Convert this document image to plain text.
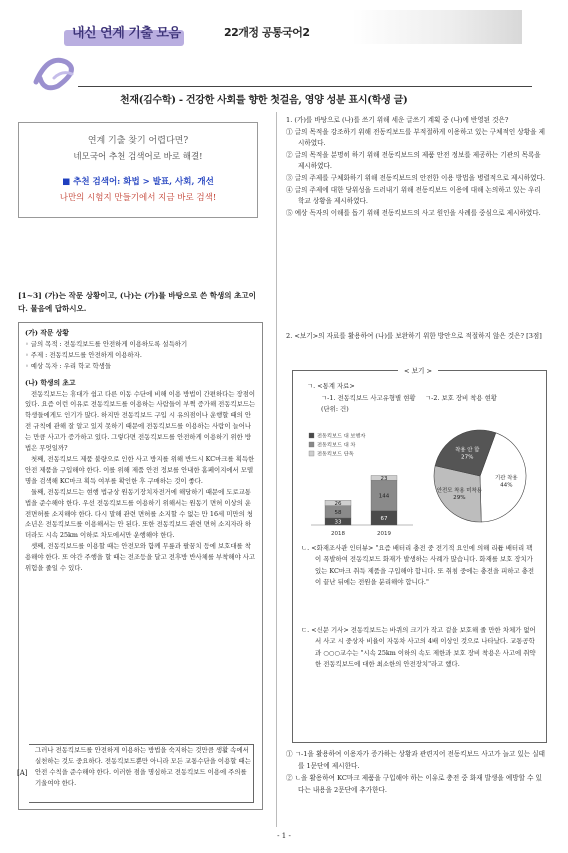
내신 연계 기출 모음	22개정 공통국어2
천재(김수학) - 건강한 사회를 향한 첫걸음, 영양 성분 표시(학생 글)
연계 기출 찾기 어렵다면?
네모국어 추천 검색어로 바로 해결!
■ 추천 검색어: 화법 > 발표, 사회, 개선
나만의 시험지 만들기에서 지금 바로 검색!
[1~3] (가)는 작문 상황이고, (나)는 (가)를 바탕으로 쓴 학생의 초고이다. 물음에 답하시오.

(가) 작문 상황

◦ 글의 목적 : 전동킥보드를 안전하게 이용하도록 설득하기

◦ 주제 : 전동킥보드를 안전하게 이용하자.

◦ 예상 독자 : 우리 학교 학생들

(나) 학생의 초고

전동킥보드는 휴대가 쉽고 다른 이동 수단에 비해 이용 방법이 간편하다는 장점이 있다. 요즘 이런 이유로 전동킥보드를 이용하는 사람들이 부쩍 증가해 전동킥보드는 학생들에게도 인기가 많다. 하지만 전동킥보드 구입 시 유의점이나 운행할 때의 안전 규칙에 관해 잘 알고 있지 못하기 때문에 전동킥보드를 이용하는 사람이 늘어나는 만큼 사고가 증가하고 있다. 그렇다면 전동킥보드를 안전하게 이용하기 위한 방법은 무엇일까?

첫째, 전동킥보드 제품 불량으로 인한 사고 방지를 위해 반드시 KC마크를 획득한 안전 제품을 구입해야 한다. 이를 위해 제품 안전 정보를 안내한 홈페이지에서 모델명을 검색해 KC마크 획득 여부를 확인한 후 구매하는 것이 좋다.

둘째, 전동킥보드는 현행 법규상 원동기장치자전거에 해당하기 때문에 도로교통법을 준수해야 한다. 우선 전동킥보드를 이용하기 위해서는 원동기 면허 이상의 운전면허를 소지해야 한다. 다시 말해 관련 면허를 소지할 수 없는 만 16세 미만의 청소년은 전동킥보드를 이용해서는 안 된다. 또한 전동킥보드 관련 면허 소지자라 하더라도 시속 25km 이하로 차도에서만 운행해야 한다.

셋째, 전동킥보드를 이용할 때는 안전모와 함께 무릎과 팔꿈치 등에 보호대를 착용해야 한다. 또 야간 주행을 할 때는 전조등을 달고 전후방 반사체를 부착해야 사고 위험을 줄일 수 있다.

[A]
그러나 전동킥보드를 안전하게 이용하는 방법을 숙지하는 것만큼 생활 속에서 실천하는 것도 중요하다. 전동킥보드뿐만 아니라 모든 교통수단을 이용할 때는 안전 수칙을 준수해야 한다. 이러한 점을 명심하고 전동킥보드 이용에 주의를 기울여야 한다.
1. (가)를 바탕으로 (나)를 쓰기 위해 세운 글쓰기 계획 중 (나)에 반영된 것은?
① 글의 목적을 강조하기 위해 전동킥보드를 부적절하게 이용하고 있는 구체적인 상황을 제시하였다.
② 글의 목적을 분명히 하기 위해 전동킥보드의 제품 안전 정보를 제공하는 기관의 목록을 제시하였다.
③ 글의 주제를 구체화하기 위해 전동킥보드의 안전한 이용 방법을 병렬적으로 제시하였다.
④ 글의 주제에 대한 당위성을 드러내기 위해 전동킥보드 이용에 대해 논의하고 있는 우리 학교 상황을 제시하였다.
⑤ 예상 독자의 이해를 돕기 위해 전동킥보드의 사고 원인을 사례를 중심으로 제시하였다.
2. <보기>의 자료를 활용하여 (나)를 보완하기 위한 방안으로 적절하지 않은 것은? [3점]
< 보기 >
ㄱ. <통계 자료>
ㄱ-1. 전동킥보드 사고유형별 현황(단위: 건)
ㄱ-2. 보호 장비 착용 현황
전동킥보드 대 보행자
전동킥보드 대 차
전동킥보드 단독
33
58
26
2018
67
144
23
2019
기관 착용
44%
안전모 착용 미착용
29%
착용 안 함
27%
ㄴ. <화재조사관 인터뷰> "요즘 배터리 충전 중 전기적 요인에 의해 리튬 배터리 팩이 폭발하여 전동킥보드 화재가 발생하는 사례가 많습니다. 화재를 보호 장치가 있는 KC마크 취득 제품을 구입해야 합니다. 또 취침 중에는 충전을 피하고 충전이 끝난 뒤에는 전원을 분리해야 합니다."
ㄷ. <신문 기사> 전동킥보드는 바퀴의 크기가 작고 겉을 보호해 줄 만한 차체가 없어서 사고 시 중상자 비율이 자동차 사고의 4배 이상인 것으로 나타났다. 교통공학과 ○○○교수는 "시속 25km 이하의 속도 제한과 보호 장비 착용은 사고에 취약한 전동킥보드에 대한 최소한의 안전장치"라고 했다.
① ㄱ-1을 활용하여 이용자가 증가하는 상황과 관련지어 전동킥보드 사고가 늘고 있는 실태를 1문단에 제시한다.
② ㄴ을 활용하여 KC마크 제품을 구입해야 하는 이유로 충전 중 화재 발생을 예방할 수 있다는 내용을 2문단에 추가한다.
- 1 -
